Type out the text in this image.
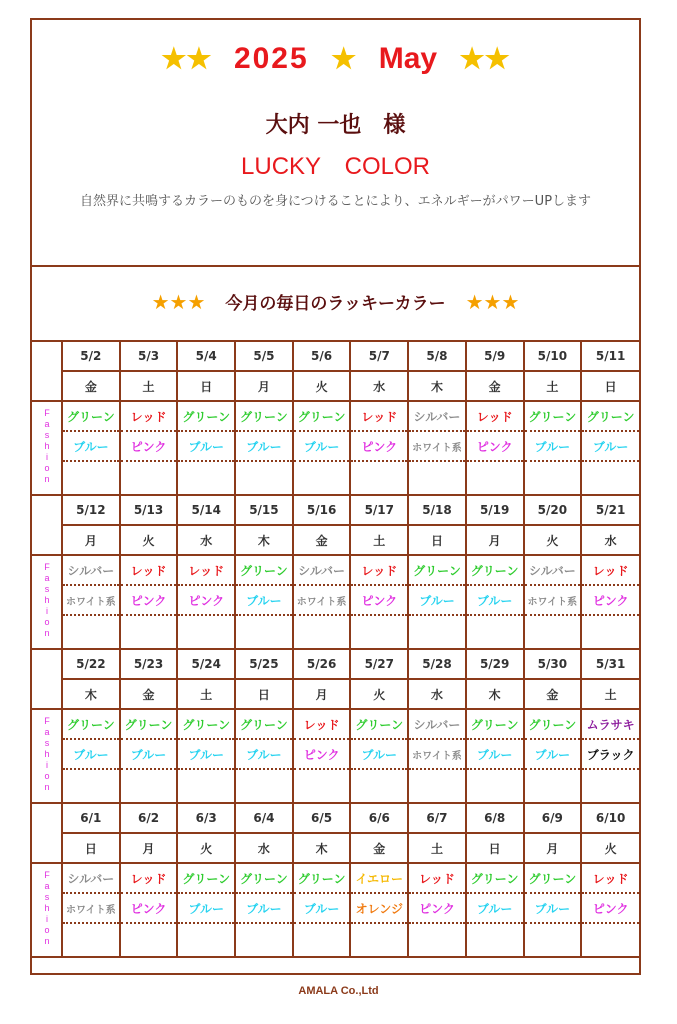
★★ 2025 ★ May ★★
大内 一也　様
LUCKY　COLOR
自然界に共鳴するカラーのものを身につけることにより、エネルギーがパワーUPします
★★★ 今月の毎日のラッキーカラー ★★★
	5/2	5/3	5/4	5/5	5/6	5/7	5/8	5/9	5/10	5/11
	金	土	日	月	火	水	木	金	土	日
Fashion	グリーン	レッド	グリーン	グリーン	グリーン	レッド	シルバー	レッド	グリーン	グリーン
	ブルー	ピンク	ブルー	ブルー	ブルー	ピンク	ホワイト系	ピンク	ブルー	ブルー

	5/12	5/13	5/14	5/15	5/16	5/17	5/18	5/19	5/20	5/21
	月	火	水	木	金	土	日	月	火	水
Fashion	シルバー	レッド	レッド	グリーン	シルバー	レッド	グリーン	グリーン	シルバー	レッド
	ホワイト系	ピンク	ピンク	ブルー	ホワイト系	ピンク	ブルー	ブルー	ホワイト系	ピンク

	5/22	5/23	5/24	5/25	5/26	5/27	5/28	5/29	5/30	5/31
	木	金	土	日	月	火	水	木	金	土
Fashion	グリーン	グリーン	グリーン	グリーン	レッド	グリーン	シルバー	グリーン	グリーン	ムラサキ
	ブルー	ブルー	ブルー	ブルー	ピンク	ブルー	ホワイト系	ブルー	ブルー	ブラック

	6/1	6/2	6/3	6/4	6/5	6/6	6/7	6/8	6/9	6/10
	日	月	火	水	木	金	土	日	月	火
Fashion	シルバー	レッド	グリーン	グリーン	グリーン	イエロー	レッド	グリーン	グリーン	レッド
	ホワイト系	ピンク	ブルー	ブルー	ブルー	オレンジ	ピンク	ブルー	ブルー	ピンク

AMALA Co.,Ltd
